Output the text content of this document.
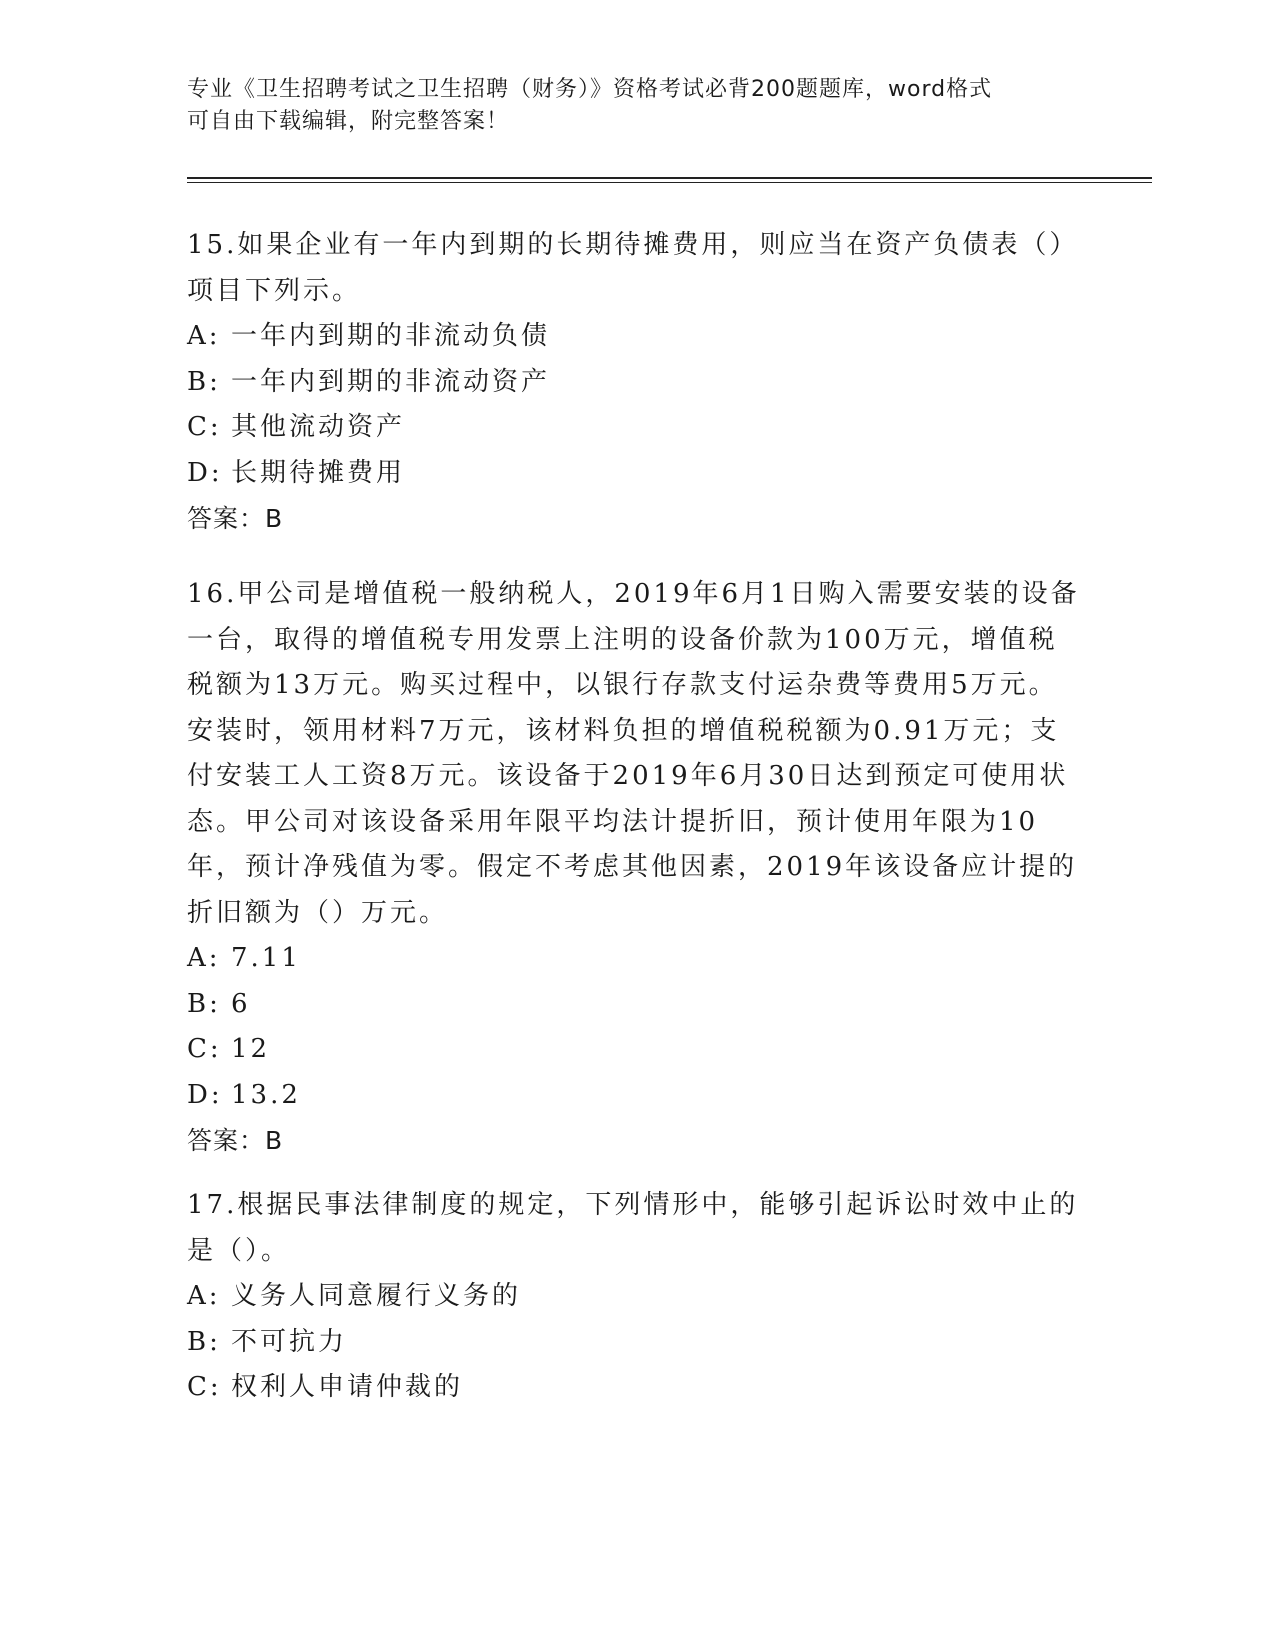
专业《卫生招聘考试之卫生招聘（财务）》资格考试必背200题题库，word格式
可自由下载编辑，附完整答案！
15.如果企业有一年内到期的长期待摊费用，则应当在资产负债表（）项目下列示。
A: 一年内到期的非流动负债
B: 一年内到期的非流动资产
C: 其他流动资产
D: 长期待摊费用
答案：B
16.甲公司是增值税一般纳税人，2019年6月1日购入需要安装的设备一台，取得的增值税专用发票上注明的设备价款为100万元，增值税税额为13万元。购买过程中，以银行存款支付运杂费等费用5万元。安装时，领用材料7万元，该材料负担的增值税税额为0.91万元；支付安装工人工资8万元。该设备于2019年6月30日达到预定可使用状态。甲公司对该设备采用年限平均法计提折旧，预计使用年限为10年，预计净残值为零。假定不考虑其他因素，2019年该设备应计提的折旧额为（）万元。
A: 7.11
B: 6
C: 12
D: 13.2
答案：B
17.根据民事法律制度的规定，下列情形中，能够引起诉讼时效中止的是（）。
A: 义务人同意履行义务的
B: 不可抗力
C: 权利人申请仲裁的
